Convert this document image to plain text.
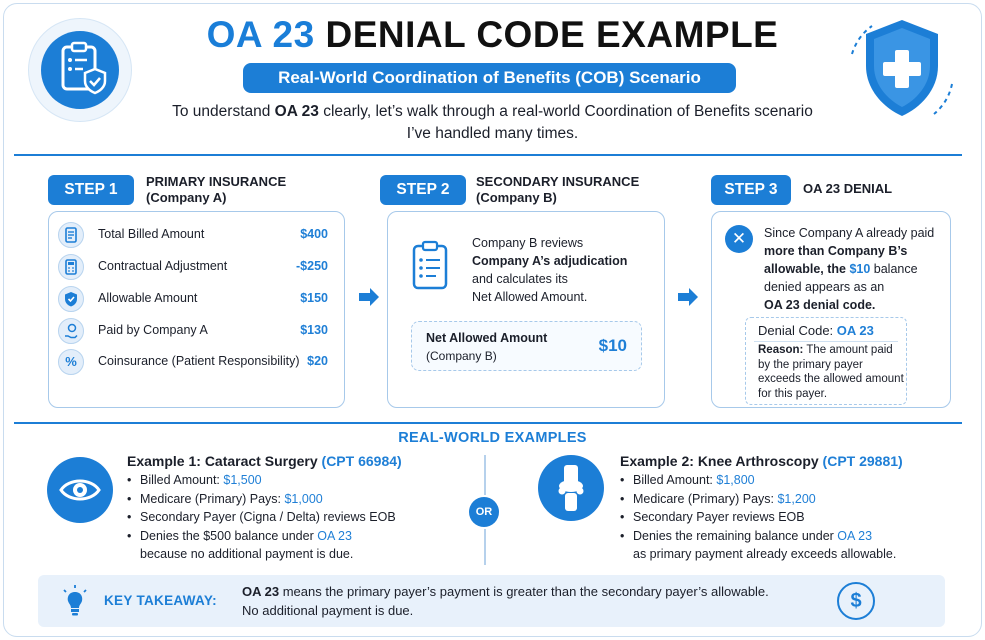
OA 23 DENIAL CODE EXAMPLE
Real-World Coordination of Benefits (COB) Scenario
To understand OA 23 clearly, let’s walk through a real-world Coordination of Benefits scenario
I’ve handled many times.
STEP 1	PRIMARY INSURANCE
(Company A)
Total Billed Amount	$400
Contractual Adjustment	-$250
Allowable Amount	$150
Paid by Company A	$130
%	Coinsurance (Patient Responsibility) $20
STEP 2	SECONDARY INSURANCE
(Company B)
Company B reviews
Company A’s adjudication
and calculates its
Net Allowed Amount.
Net Allowed Amount
(Company B)
$10
STEP 3	OA 23 DENIAL
✕	Since Company A already paid
more than Company B’s
allowable, the $10 balance
denied appears as an
OA 23 denial code.
Denial Code: OA 23
Reason: The amount paid by the primary payer exceeds the allowed amount for this payer.
REAL-WORLD EXAMPLES
Example 1: Cataract Surgery (CPT 66984)
• Billed Amount: $1,500
• Medicare (Primary) Pays: $1,000
• Secondary Payer (Cigna / Delta) reviews EOB
• Denies the $500 balance under OA 23
because no additional payment is due.
OR
Example 2: Knee Arthroscopy (CPT 29881)
• Billed Amount: $1,800
• Medicare (Primary) Pays: $1,200
• Secondary Payer reviews EOB
• Denies the remaining balance under OA 23
as primary payment already exceeds allowable.
KEY TAKEAWAY:
OA 23 means the primary payer’s payment is greater than the secondary payer’s allowable.
No additional payment is due.	$
